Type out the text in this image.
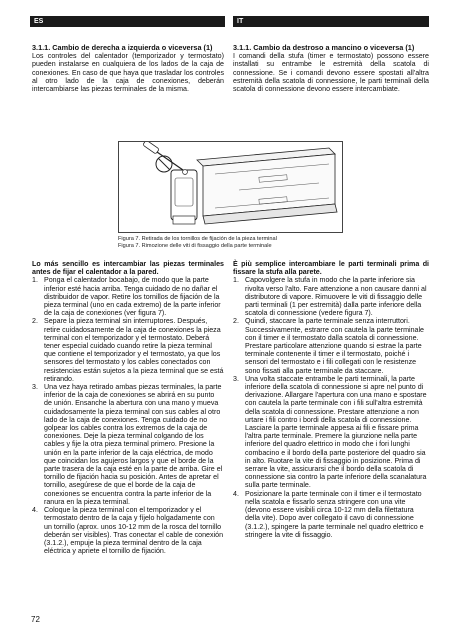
ES	IT
3.1.1. Cambio de derecha a izquierda o viceversa (1)

Los controles del calentador (temporizador y termostato) pueden instalarse en cualquiera de los lados de la caja de conexiones. En caso de que haya que trasladar los controles al otro lado de la caja de conexiones, deberán intercambiarse las piezas terminales de la misma.

3.1.1. Cambio da destroso a mancino o viceversa (1)

I comandi della stufa (timer e termostato) possono essere installati su entrambe le estremità della scatola di connessione. Se i comandi devono essere spostati all'altra estremità della scatola di connessione, le parti terminali della scatola di connessione devono essere intercambiate.

Figura 7. Retirada de los tornillos de fijación de la pieza terminal
Figura 7. Rimozione delle viti di fissaggio della parte terminale

Lo más sencillo es intercambiar las piezas terminales antes de fijar el calentador a la pared.

1. Ponga el calentador bocabajo, de modo que la parte inferior esté hacia arriba. Tenga cuidado de no dañar el distribuidor de vapor. Retire los tornillos de fijación de la pieza terminal (uno en cada extremo) de la parte inferior de la caja de conexiones (ver figura 7).
2. Separe la pieza terminal sin interruptores. Después, retire cuidadosamente de la caja de conexiones la pieza terminal con el temporizador y el termostato. Deberá tener especial cuidado cuando retire la pieza terminal que contiene el temporizador y el termostato, ya que los sensores del termostato y los cables conectados con resistencias están sujetos a la pieza terminal que se está retirando.
3. Una vez haya retirado ambas piezas terminales, la parte inferior de la caja de conexiones se abrirá en su punto de unión. Ensanche la abertura con una mano y mueva cuidadosamente la pieza terminal con sus cables al otro lado de la caja de conexiones. Tenga cuidado de no golpear los cables contra los extremos de la caja de conexiones. Deje la pieza terminal colgando de los cables y fije la otra pieza terminal primero. Presione la unión en la parte inferior de la caja eléctrica, de modo que coincidan los agujeros largos y que el borde de la parte trasera de la caja esté en la parte de arriba. Gire el tornillo de fijación hacia su posición. Antes de apretar el tornillo, asegúrese de que el borde de la caja de conexiones se encuentra contra la parte inferior de la ranura en la pieza terminal.
4. Coloque la pieza terminal con el temporizador y el termostato dentro de la caja y fíjelo holgadamente con un tornillo (aprox. unos 10-12 mm de la rosca del tornillo deberán ser visibles). Tras conectar el cable de conexión (3.1.2.), empuje la pieza terminal dentro de la caja eléctrica y apriete el tornillo de fijación.

È più semplice intercambiare le parti terminali prima di fissare la stufa alla parete.

1. Capovolgere la stufa in modo che la parte inferiore sia rivolta verso l'alto. Fare attenzione a non causare danni al distributore di vapore. Rimuovere le viti di fissaggio delle parti terminali (1 per estremità) dalla parte inferiore della scatola di connessione (vedere figura 7).
2. Quindi, staccare la parte terminale senza interruttori. Successivamente, estrarre con cautela la parte terminale con il timer e il termostato dalla scatola di connessione. Prestare particolare attenzione quando si estrae la parte terminale contenente il timer e il termostato, poiché i sensori del termostato e i fili collegati con le resistenze sono fissati alla parte terminale da staccare.
3. Una volta staccate entrambe le parti terminali, la parte inferiore della scatola di connessione si apre nel punto di derivazione. Allargare l'apertura con una mano e spostare con cautela la parte terminale con i fili sull'altra estremità della scatola di connessione. Prestare attenzione a non urtare i fili contro i bordi della scatola di connessione. Lasciare la parte terminale appesa ai fili e fissare prima l'altra parte terminale. Premere la giunzione nella parte inferiore del quadro elettrico in modo che i fori lunghi combacino e il bordo della parte posteriore del quadro sia in alto. Ruotare la vite di fissaggio in posizione. Prima di serrare la vite, assicurarsi che il bordo della scatola di connessione sia contro la parte inferiore della scanalatura sulla parte terminale.
4. Posizionare la parte terminale con il timer e il termostato nella scatola e fissarlo senza stringere con una vite (devono essere visibili circa 10-12 mm della filettatura della vite). Dopo aver collegato il cavo di connessione (3.1.2.), spingere la parte terminale nel quadro elettrico e stringere la vite di fissaggio.
72
